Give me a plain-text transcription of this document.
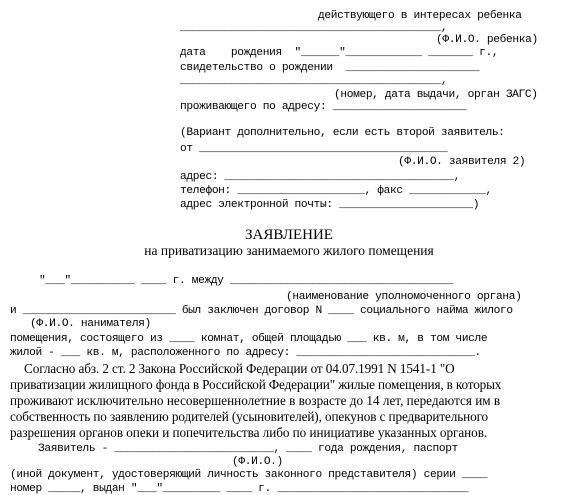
действующего в интересах ребенка
_________________________________________,
(Ф.И.О. ребенка)
дата    рождения  "______"____________ _______ г.,
свидетельство о рождении  _____________________
_________________________________________,
(номер, дата выдачи, орган ЗАГС)
проживающего по адресу: _____________________
(Вариант дополнительно, если есть второй заявитель:
от _______________________________________
(Ф.И.О. заявителя 2)
адрес: ____________________________________,
телефон: ____________________, факс ____________,
адрес электронной почты: _____________________)
ЗАЯВЛЕНИЕ
на приватизацию занимаемого жилого помещения
"___"__________ ____ г. между ___________________________________
(наименование уполномоченного органа)
и ________________________ был заключен договор N ____ социального найма жилого
(Ф.И.О. нанимателя)
помещения, состоящего из ____ комнат, общей площадью ___ кв. м, в том числе
жилой - ___ кв. м, расположенного по адресу: ____________________________.
Согласно абз. 2 ст. 2 Закона Российской Федерации от 04.07.1991 N 1541-1 "О
приватизации жилищного фонда в Российской Федерации" жилые помещения, в которых
проживают исключительно несовершеннолетние в возрасте до 14 лет, передаются им в
собственность по заявлению родителей (усыновителей), опекунов с предварительного
разрешения органов опеки и попечительства либо по инициативе указанных органов.
Заявитель - _________________________, ____ года рождения, паспорт
(Ф.И.О.)
(иной документ, удостоверяющий личность законного представителя) серии ____
номер _____, выдан "___"_________ ____ г. ______________________________
